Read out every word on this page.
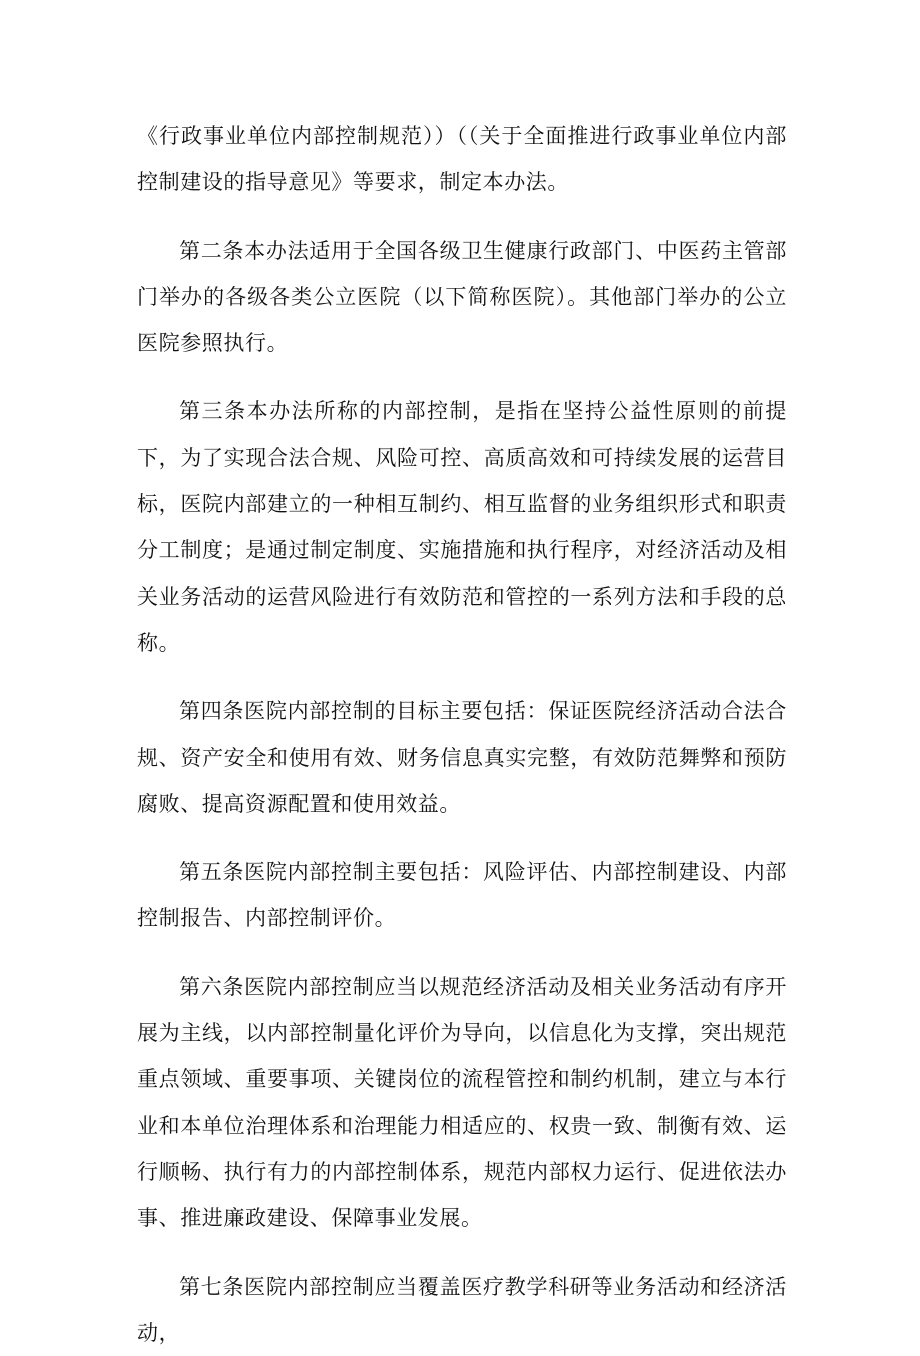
《行政事业单位内部控制规范））（（关于全面推进行政事业单位内部控制建设的指导意见》等要求，制定本办法。

第二条本办法适用于全国各级卫生健康行政部门、中医药主管部门举办的各级各类公立医院（以下简称医院）。其他部门举办的公立医院参照执行。

第三条本办法所称的内部控制，是指在坚持公益性原则的前提下，为了实现合法合规、风险可控、高质高效和可持续发展的运营目标，医院内部建立的一种相互制约、相互监督的业务组织形式和职责分工制度；是通过制定制度、实施措施和执行程序，对经济活动及相关业务活动的运营风险进行有效防范和管控的一系列方法和手段的总称。

第四条医院内部控制的目标主要包括：保证医院经济活动合法合规、资产安全和使用有效、财务信息真实完整，有效防范舞弊和预防腐败、提高资源配置和使用效益。

第五条医院内部控制主要包括：风险评估、内部控制建设、内部控制报告、内部控制评价。

第六条医院内部控制应当以规范经济活动及相关业务活动有序开展为主线，以内部控制量化评价为导向，以信息化为支撑，突出规范重点领域、重要事项、关键岗位的流程管控和制约机制，建立与本行业和本单位治理体系和治理能力相适应的、权贵一致、制衡有效、运行顺畅、执行有力的内部控制体系，规范内部权力运行、促进依法办事、推进廉政建设、保障事业发展。

第七条医院内部控制应当覆盖医疗教学科研等业务活动和经济活动，
